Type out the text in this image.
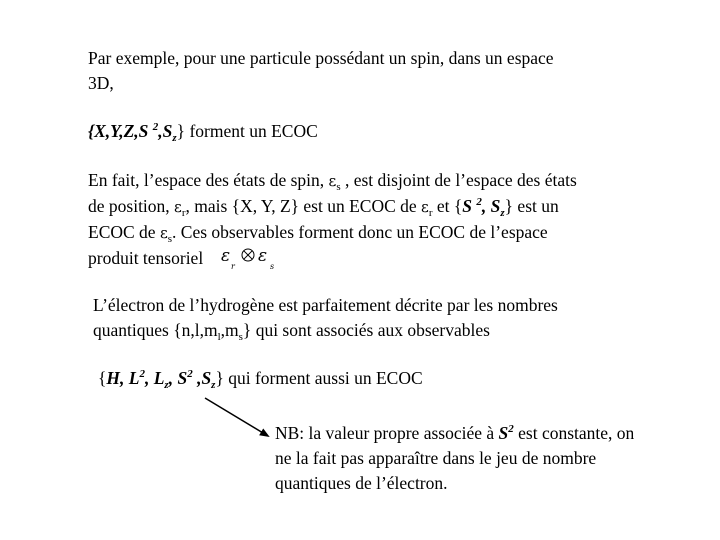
Par exemple, pour une particule possédant un spin, dans un espace
3D,
{X,Y,Z,S $^2,S_z$} forment un ECOC
En fait, l’espace des états de spin, $\varepsilon_s$ , est disjoint de l’espace des états
de position, $\varepsilon_r$, mais {X, Y, Z} est un ECOC de $\varepsilon_r$ et {S $^2$, $S_z$} est un
ECOC de $\varepsilon_s$. Ces observables forment donc un ECOC de l’espace
produit tensoriel ε
r
ε
s
L’électron de l’hydrogène est parfaitement décrite par les nombres
quantiques $\{n,l,m_l,m_s\}$ qui sont associés aux observables
{H, $L^2$, $L_z$, $S^2$ $,S_z$} qui forment aussi un ECOC
NB: la valeur propre associée à $S^2$ est constante, on
ne la fait pas apparaître dans le jeu de nombre
quantiques de l’électron.
